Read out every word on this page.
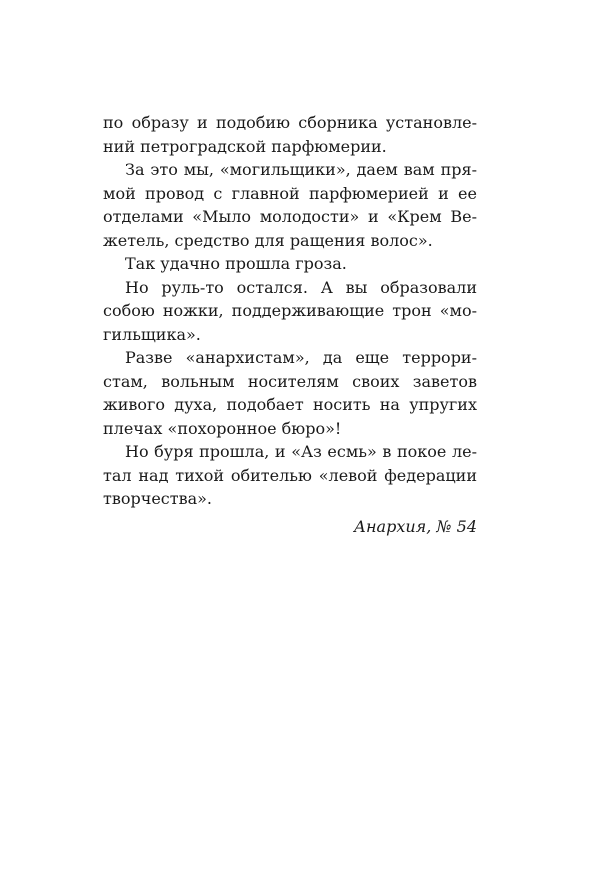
по образу и подобию сборника установле-
ний петроградской парфюмерии.
За это мы, «могильщики», даем вам пря-
мой провод с главной парфюмерией и ее
отделами «Мыло молодости» и «Крем Ве-
жетель, средство для ращения волос».
Так удачно прошла гроза.
Но руль-то остался. А вы образовали
собою ножки, поддерживающие трон «мо-
гильщика».
Разве «анархистам», да еще террори-
стам, вольным носителям своих заветов
живого духа, подобает носить на упругих
плечах «похоронное бюро»!
Но буря прошла, и «Аз есмь» в покое ле-
тал над тихой обителью «левой федерации
творчества».
Анархия, № 54
